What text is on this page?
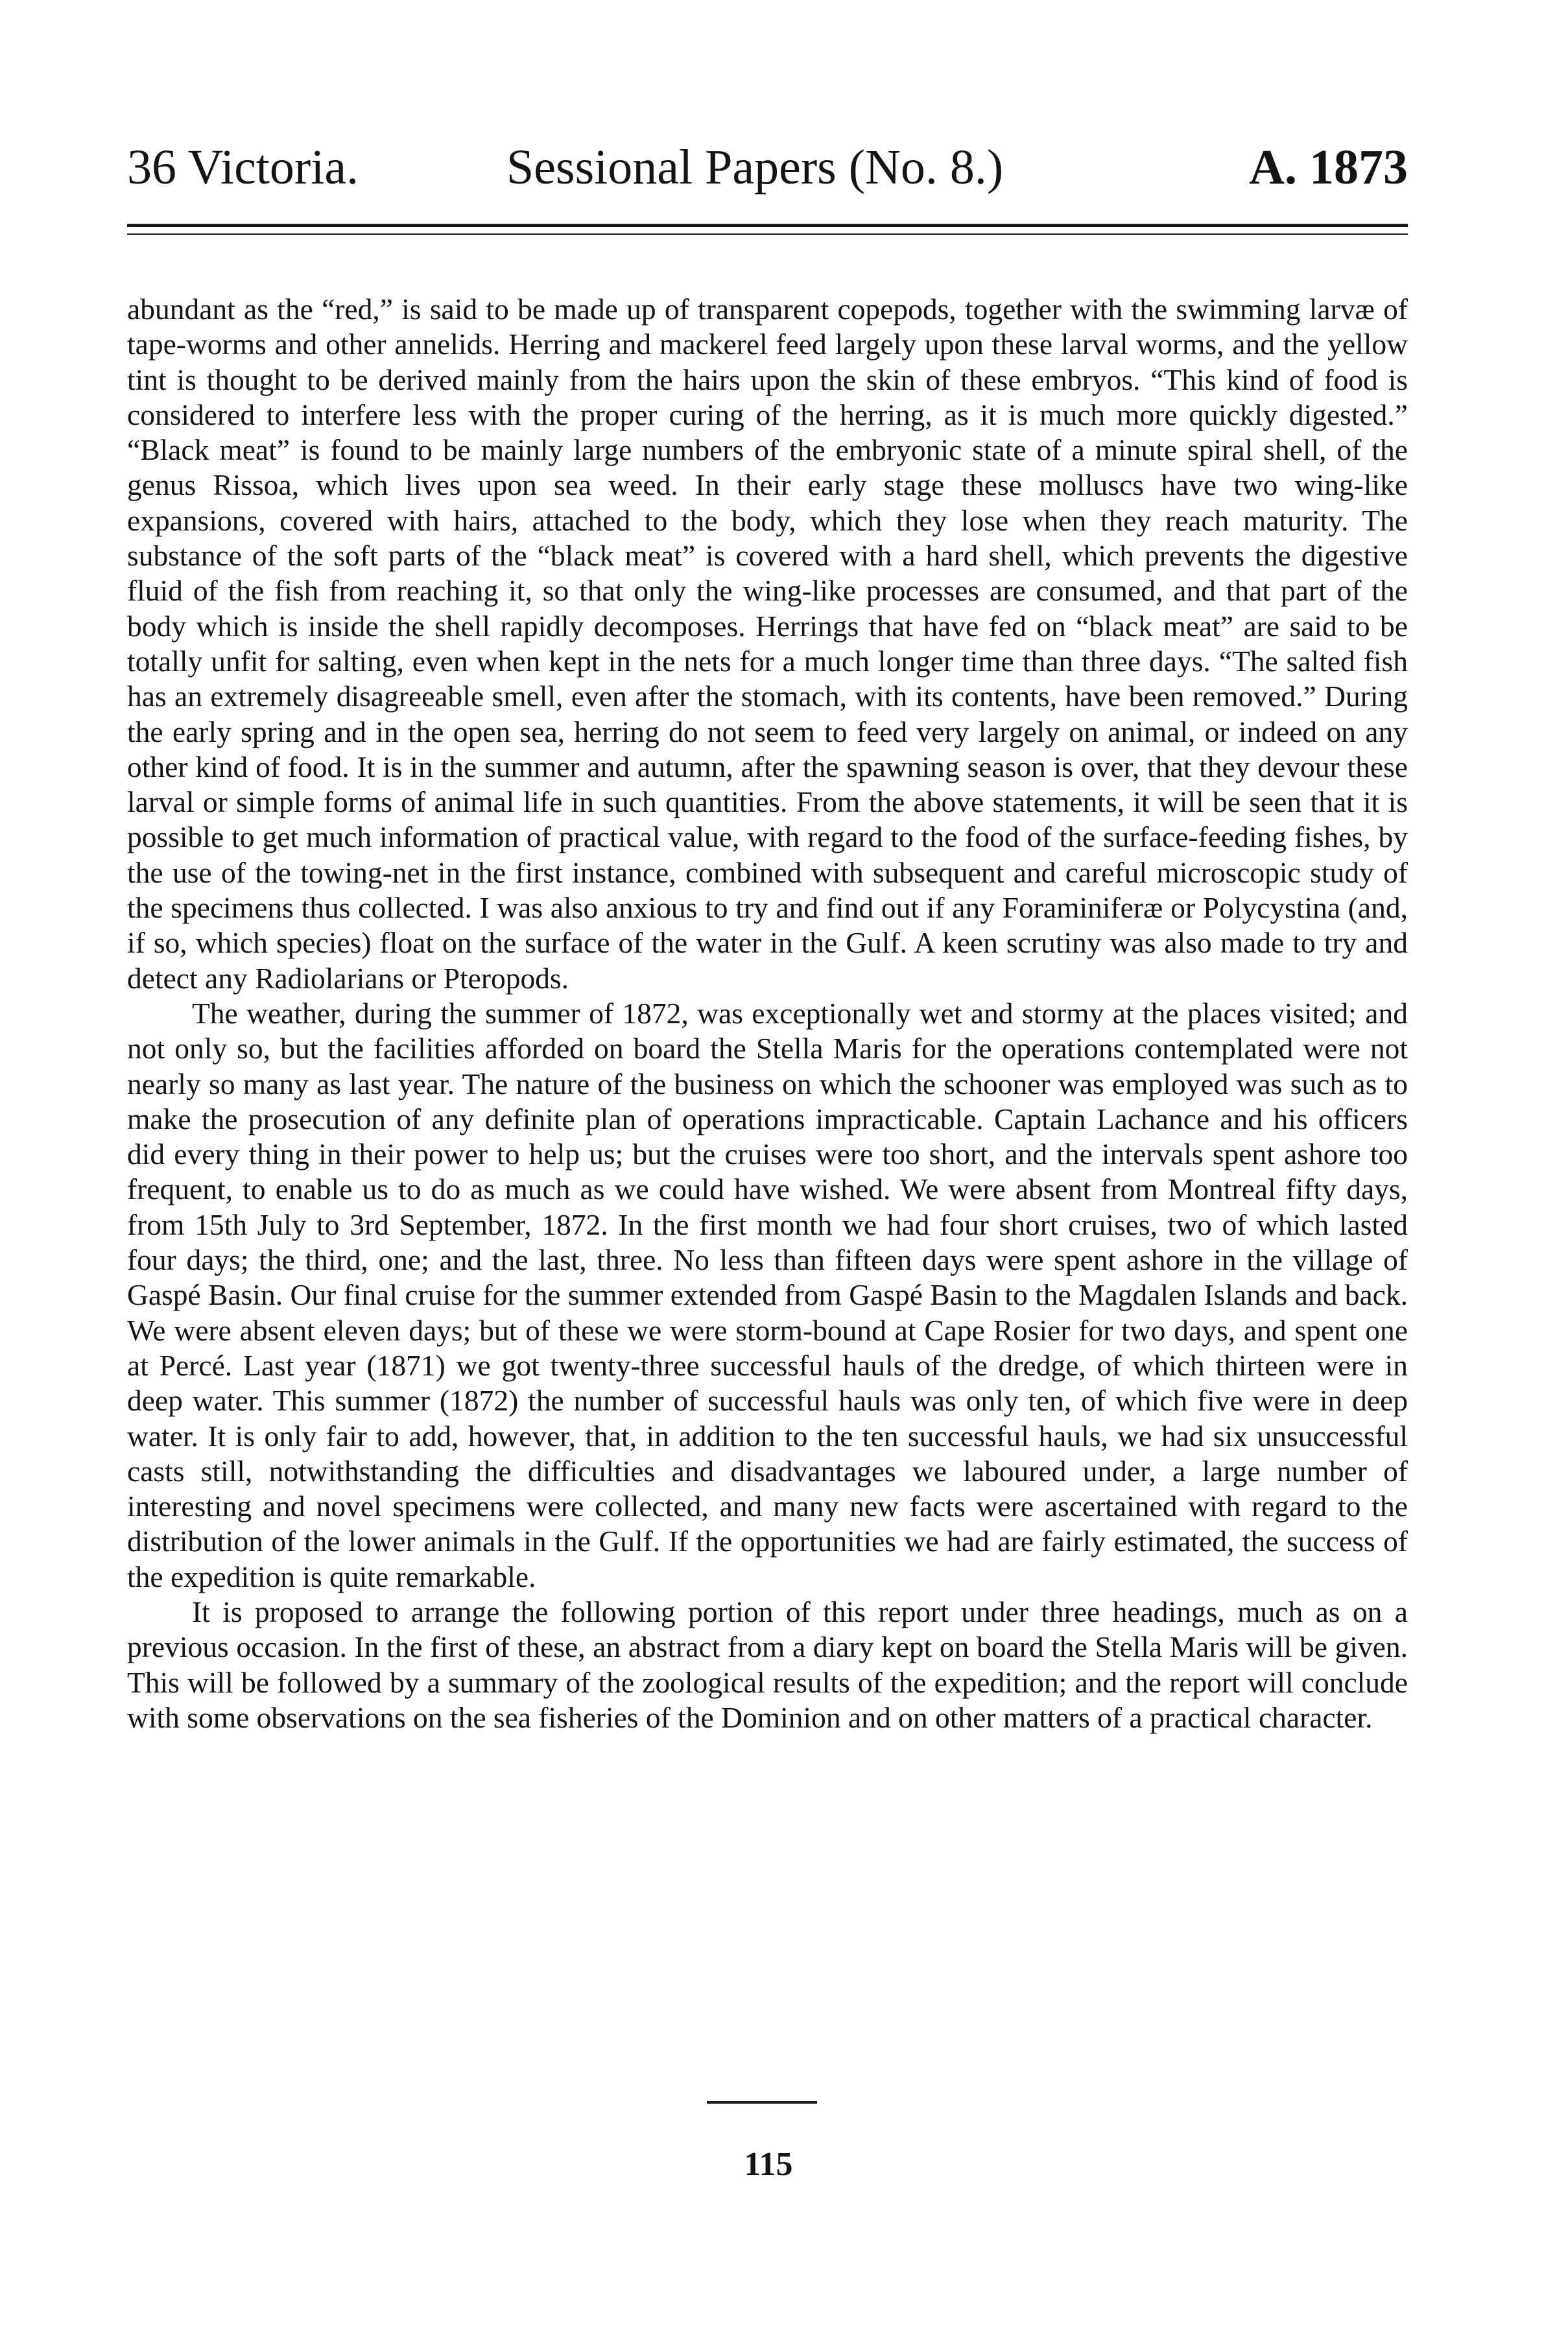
36 Victoria.	Sessional Papers (No. 8.)	A. 1873

abundant as the “red,” is said to be made up of transparent copepods, together with the swimming larvæ of tape-worms and other annelids. Herring and mackerel feed largely upon these larval worms, and the yellow tint is thought to be derived mainly from the hairs upon the skin of these embryos. “This kind of food is considered to interfere less with the proper curing of the herring, as it is much more quickly digested.” “Black meat” is found to be mainly large numbers of the embryonic state of a minute spiral shell, of the genus Rissoa, which lives upon sea weed. In their early stage these molluscs have two wing-like expansions, covered with hairs, attached to the body, which they lose when they reach maturity. The substance of the soft parts of the “black meat” is covered with a hard shell, which prevents the digestive fluid of the fish from reaching it, so that only the wing-like processes are consumed, and that part of the body which is inside the shell rapidly decomposes. Herrings that have fed on “black meat” are said to be totally unfit for salting, even when kept in the nets for a much longer time than three days. “The salted fish has an extremely disagreeable smell, even after the stomach, with its contents, have been removed.” During the early spring and in the open sea, herring do not seem to feed very largely on animal, or indeed on any other kind of food. It is in the summer and autumn, after the spawning season is over, that they devour these larval or simple forms of animal life in such quantities. From the above statements, it will be seen that it is possible to get much information of practical value, with regard to the food of the surface-feeding fishes, by the use of the towing-net in the first instance, combined with subsequent and careful microscopic study of the specimens thus collected. I was also anxious to try and find out if any Foraminiferæ or Polycystina (and, if so, which species) float on the surface of the water in the Gulf. A keen scrutiny was also made to try and detect any Radiolarians or Pteropods.

The weather, during the summer of 1872, was exceptionally wet and stormy at the places visited; and not only so, but the facilities afforded on board the Stella Maris for the operations contemplated were not nearly so many as last year. The nature of the business on which the schooner was employed was such as to make the prosecution of any definite plan of operations impracticable. Captain Lachance and his officers did every thing in their power to help us; but the cruises were too short, and the intervals spent ashore too frequent, to enable us to do as much as we could have wished. We were absent from Montreal fifty days, from 15th July to 3rd September, 1872. In the first month we had four short cruises, two of which lasted four days; the third, one; and the last, three. No less than fifteen days were spent ashore in the village of Gaspé Basin. Our final cruise for the summer extended from Gaspé Basin to the Magdalen Islands and back. We were absent eleven days; but of these we were storm-bound at Cape Rosier for two days, and spent one at Percé. Last year (1871) we got twenty-three successful hauls of the dredge, of which thirteen were in deep water. This summer (1872) the number of successful hauls was only ten, of which five were in deep water. It is only fair to add, however, that, in addition to the ten successful hauls, we had six unsuccessful casts still, notwithstanding the difficulties and disadvantages we laboured under, a large number of interesting and novel specimens were collected, and many new facts were ascertained with regard to the distribution of the lower animals in the Gulf. If the opportunities we had are fairly estimated, the success of the expedition is quite remarkable.

It is proposed to arrange the following portion of this report under three headings, much as on a previous occasion. In the first of these, an abstract from a diary kept on board the Stella Maris will be given. This will be followed by a summary of the zoological results of the expedition; and the report will conclude with some observations on the sea fisheries of the Dominion and on other matters of a practical character.

115
